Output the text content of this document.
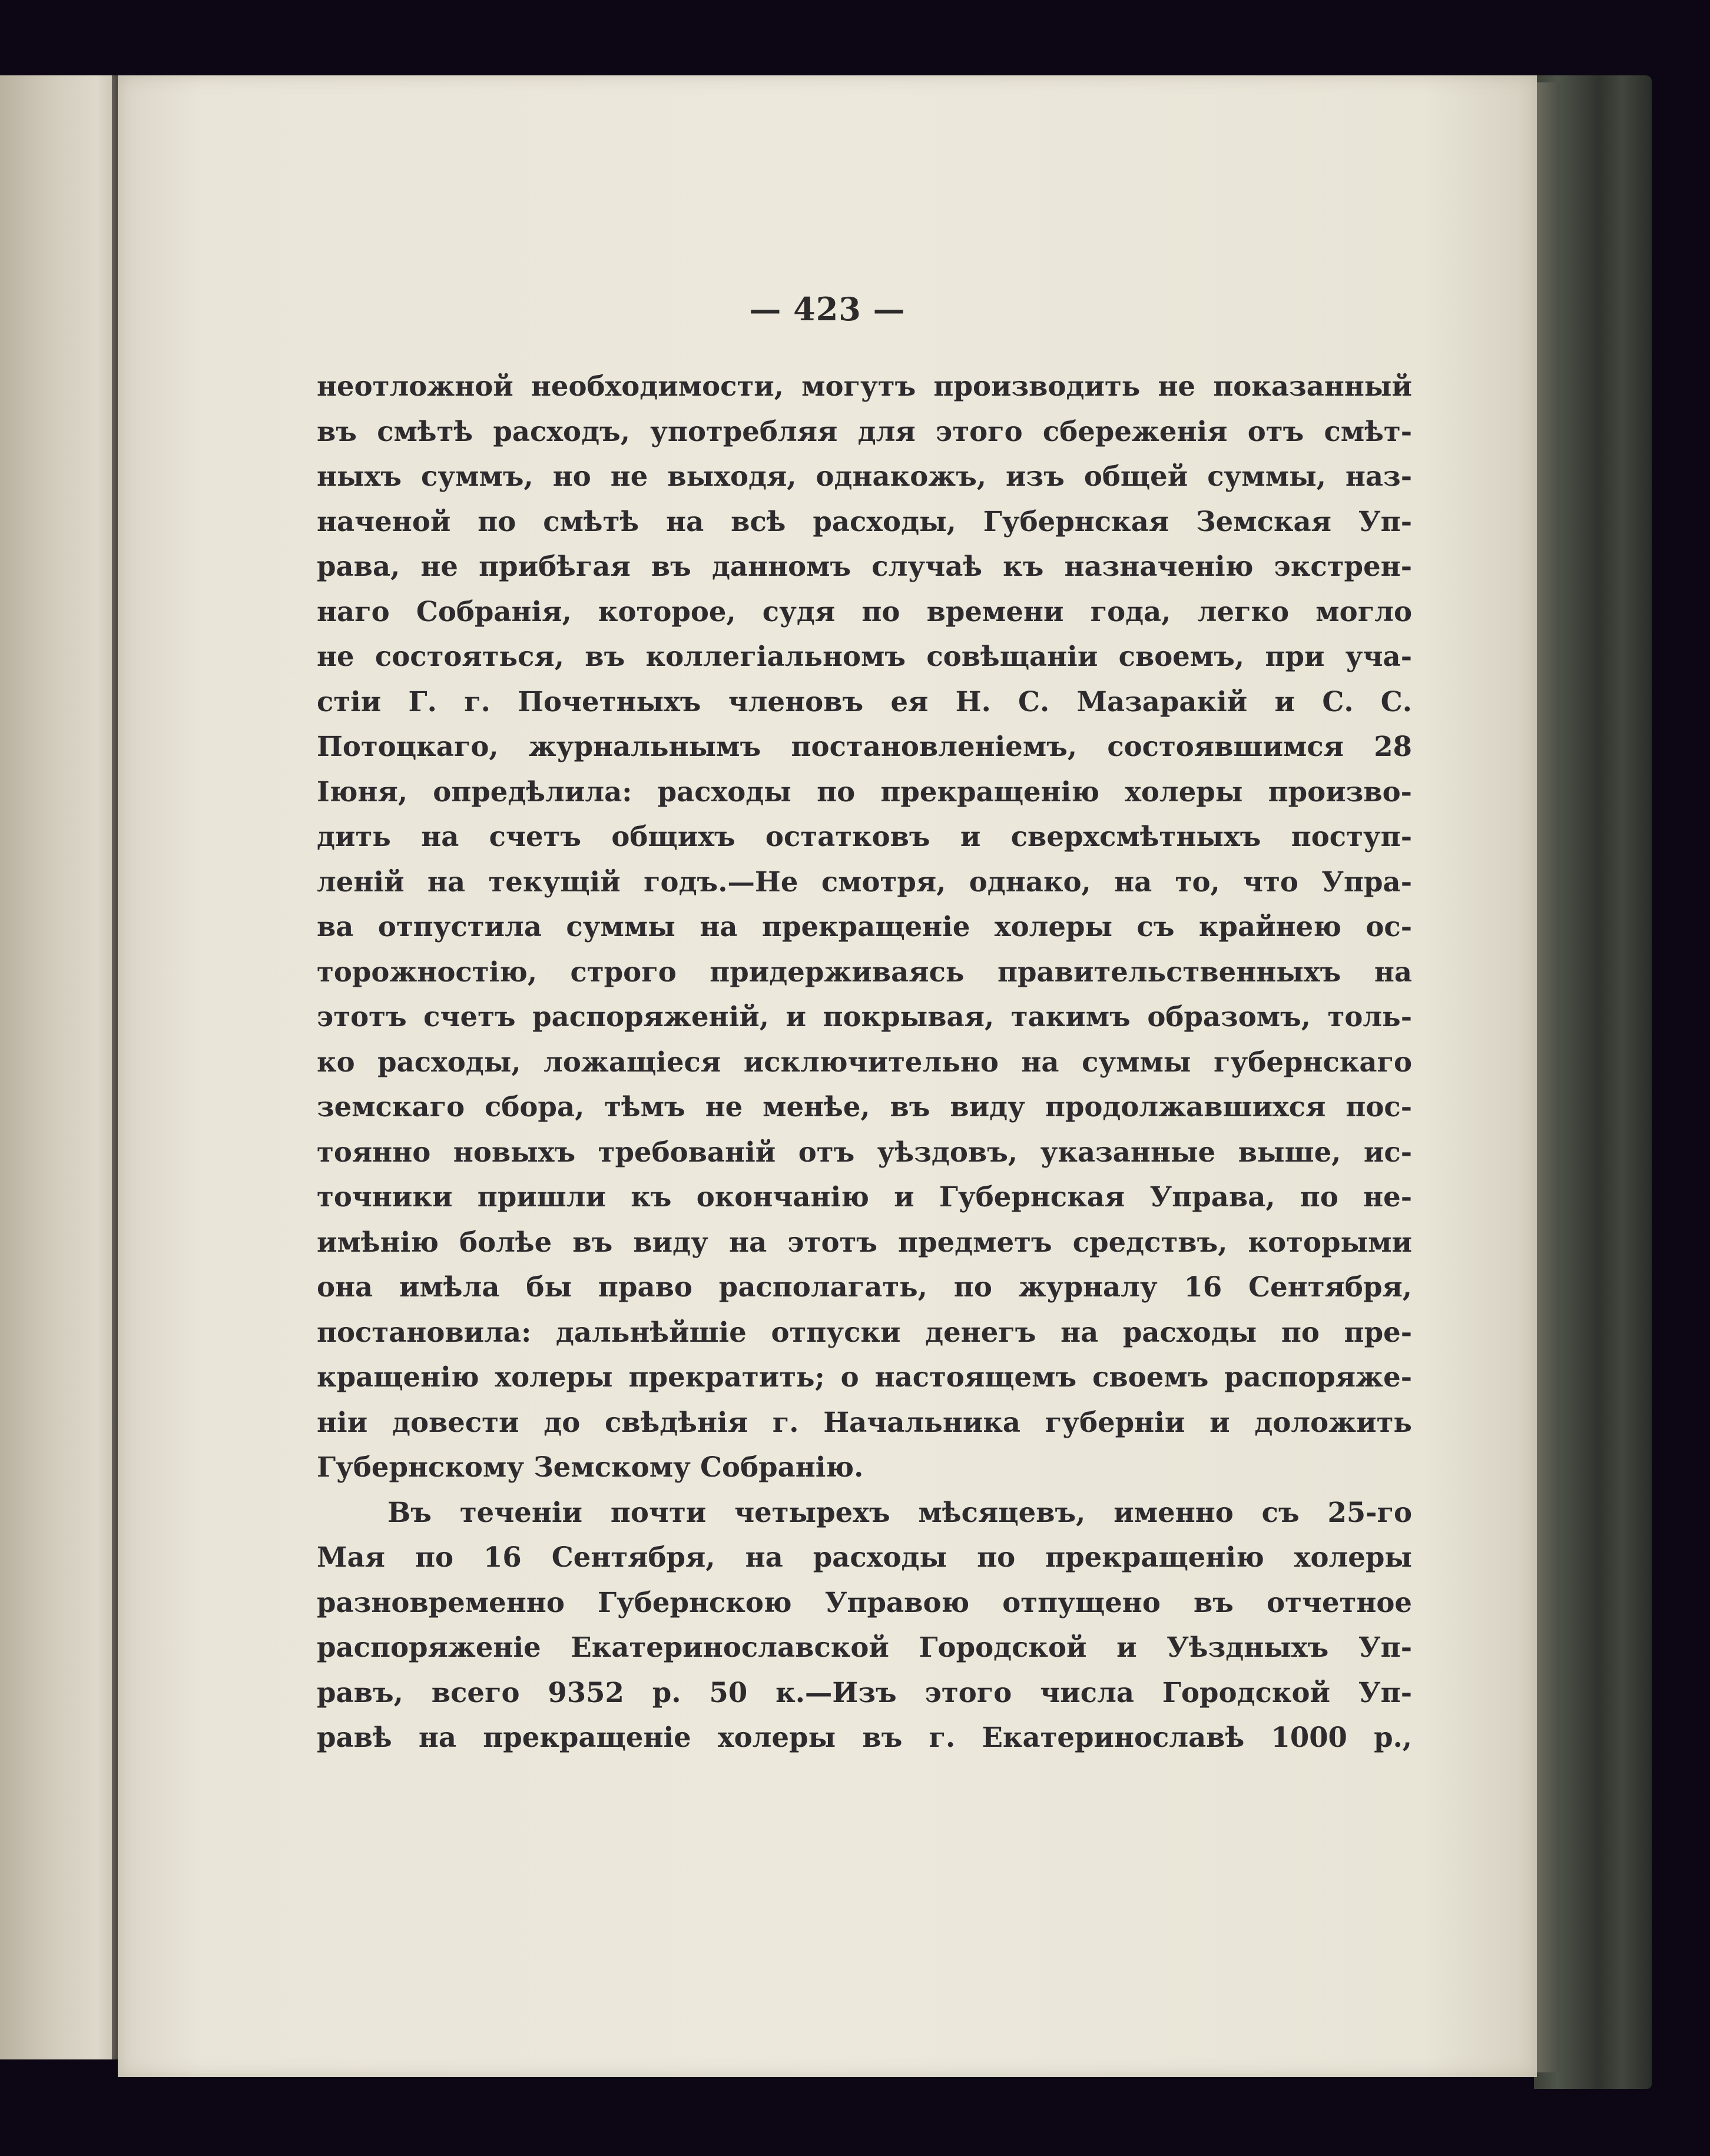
— 423 —
неотложной необходимости, могутъ производить не показанный
въ смѣтѣ расходъ, употребляя для этого сбереженія отъ смѣт-
ныхъ суммъ, но не выходя, однакожъ, изъ общей суммы, наз-
наченой по смѣтѣ на всѣ расходы, Губернская Земская Уп-
рава, не прибѣгая въ данномъ случаѣ къ назначенію экстрен-
наго Собранія, которое, судя по времени года, легко могло
не состояться, въ коллегіальномъ совѣщаніи своемъ, при уча-
стіи Г. г. Почетныхъ членовъ ея Н. С. Мазаракій и С. С.
Потоцкаго, журнальнымъ постановленіемъ, состоявшимся 28
Іюня, опредѣлила: расходы по прекращенію холеры произво-
дить на счетъ общихъ остатковъ и сверхсмѣтныхъ поступ-
леній на текущій годъ.—Не смотря, однако, на то, что Упра-
ва отпустила суммы на прекращеніе холеры съ крайнею ос-
торожностію, строго придерживаясь правительственныхъ на
этотъ счетъ распоряженій, и покрывая, такимъ образомъ, толь-
ко расходы, ложащіеся исключительно на суммы губернскаго
земскаго сбора, тѣмъ не менѣе, въ виду продолжавшихся пос-
тоянно новыхъ требованій отъ уѣздовъ, указанные выше, ис-
точники пришли къ окончанію и Губернская Управа, по не-
имѣнію болѣе въ виду на этотъ предметъ средствъ, которыми
она имѣла бы право располагать, по журналу 16 Сентября,
постановила: дальнѣйшіе отпуски денегъ на расходы по пре-
кращенію холеры прекратить; о настоящемъ своемъ распоряже-
ніи довести до свѣдѣнія г. Начальника губерніи и доложить
Губернскому Земскому Собранію.
Въ теченіи почти четырехъ мѣсяцевъ, именно съ 25-го
Мая по 16 Сентября, на расходы по прекращенію холеры
разновременно Губернскою Управою отпущено въ отчетное
распоряженіе Екатеринославской Городской и Уѣздныхъ Уп-
равъ, всего 9352 р. 50 к.—Изъ этого числа Городской Уп-
равѣ на прекращеніе холеры въ г. Екатеринославѣ 1000 р.,
